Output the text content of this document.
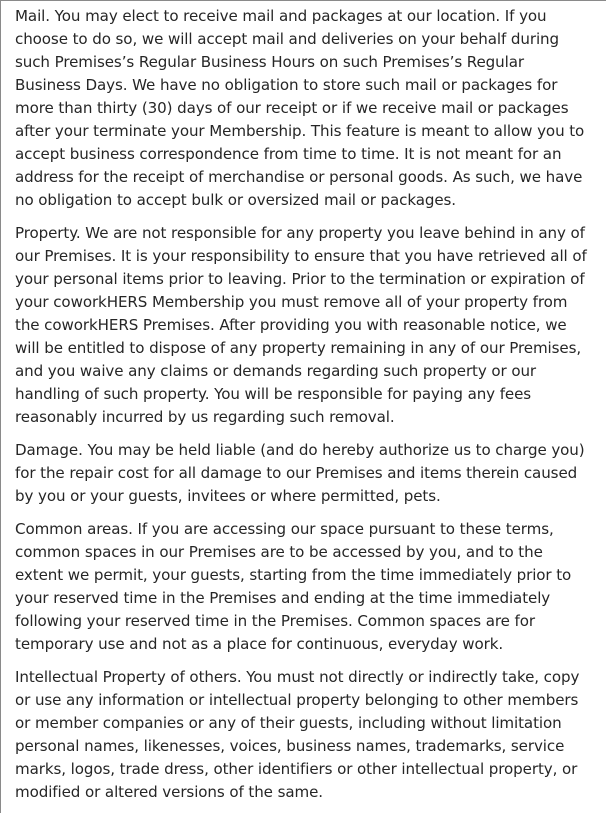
Mail. You may elect to receive mail and packages at our location. If you choose to do so, we will accept mail and deliveries on your behalf during such Premises’s Regular Business Hours on such Premises’s Regular Business Days. We have no obligation to store such mail or packages for more than thirty (30) days of our receipt or if we receive mail or packages after your terminate your Membership. This feature is meant to allow you to accept business correspondence from time to time. It is not meant for an address for the receipt of merchandise or personal goods. As such, we have no obligation to accept bulk or oversized mail or packages.

Property. We are not responsible for any property you leave behind in any of our Premises. It is your responsibility to ensure that you have retrieved all of your personal items prior to leaving. Prior to the termination or expiration of your coworkHERS Membership you must remove all of your property from the coworkHERS Premises. After providing you with reasonable notice, we will be entitled to dispose of any property remaining in any of our Premises, and you waive any claims or demands regarding such property or our handling of such property. You will be responsible for paying any fees reasonably incurred by us regarding such removal.

Damage. You may be held liable (and do hereby authorize us to charge you) for the repair cost for all damage to our Premises and items therein caused by you or your guests, invitees or where permitted, pets.

Common areas. If you are accessing our space pursuant to these terms, common spaces in our Premises are to be accessed by you, and to the extent we permit, your guests, starting from the time immediately prior to your reserved time in the Premises and ending at the time immediately following your reserved time in the Premises. Common spaces are for temporary use and not as a place for continuous, everyday work.

Intellectual Property of others. You must not directly or indirectly take, copy or use any information or intellectual property belonging to other members or member companies or any of their guests, including without limitation personal names, likenesses, voices, business names, trademarks, service marks, logos, trade dress, other identifiers or other intellectual property, or modified or altered versions of the same.
